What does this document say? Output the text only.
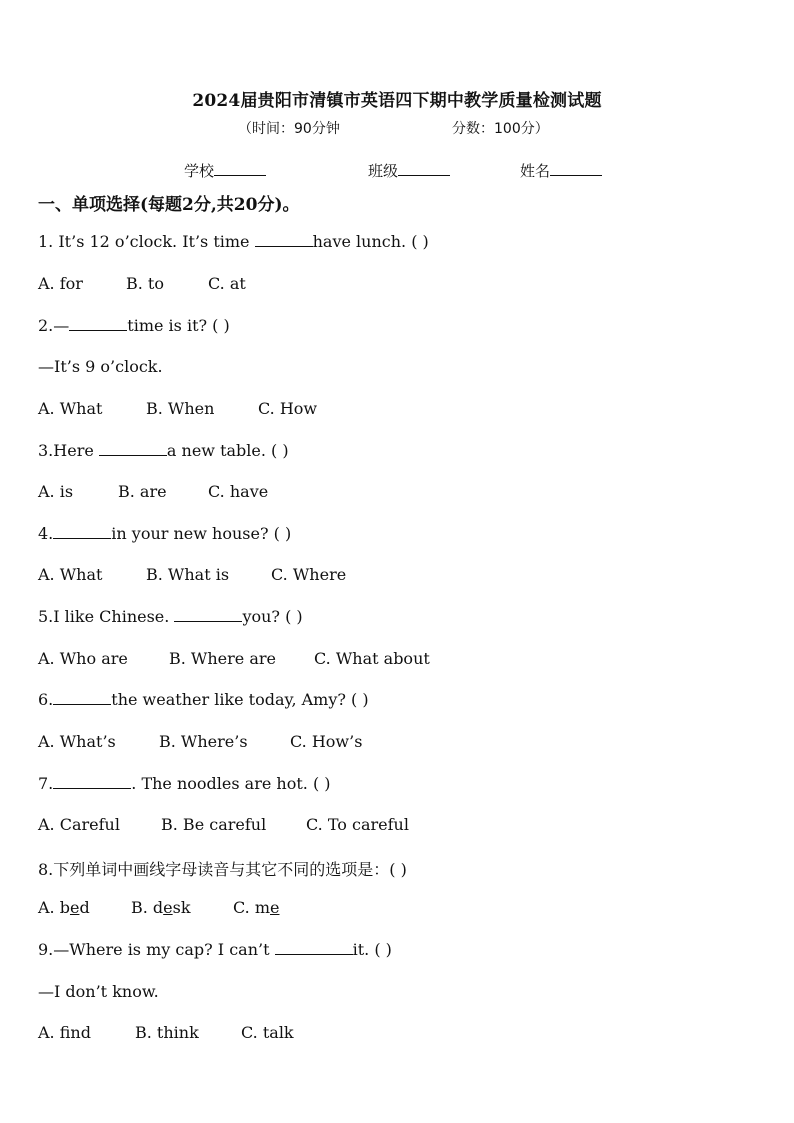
2024届贵阳市清镇市英语四下期中教学质量检测试题
（时间：90分钟	分数：100分）
学校	班级	姓名
一、单项选择(每题2分,共20分)。
1. It’s 12 o’clock. It’s time	have lunch. ( )
A. for	B. to	C. at
2.—	time is it? ( )
—It’s 9 o’clock.
A. What	B. When	C. How
3.Here	a new table. ( )
A. is	B. are	C. have
4.	in your new house? ( )
A. What	B. What is	C. Where
5.I like Chinese.	you? ( )
A. Who are	B. Where are C. What about
6.	the weather like today, Amy? ( )
A. What’s	B. Where’s	C. How’s
7.	. The noodles are hot. ( )
A. Careful	B. Be careful C. To careful
8.下列单词中画线字母读音与其它不同的选项是：( )
A. bed	B. desk	C. me
9.—Where is my cap? I can’t	it. ( )
—I don’t know.
A. find	B. think	C. talk
